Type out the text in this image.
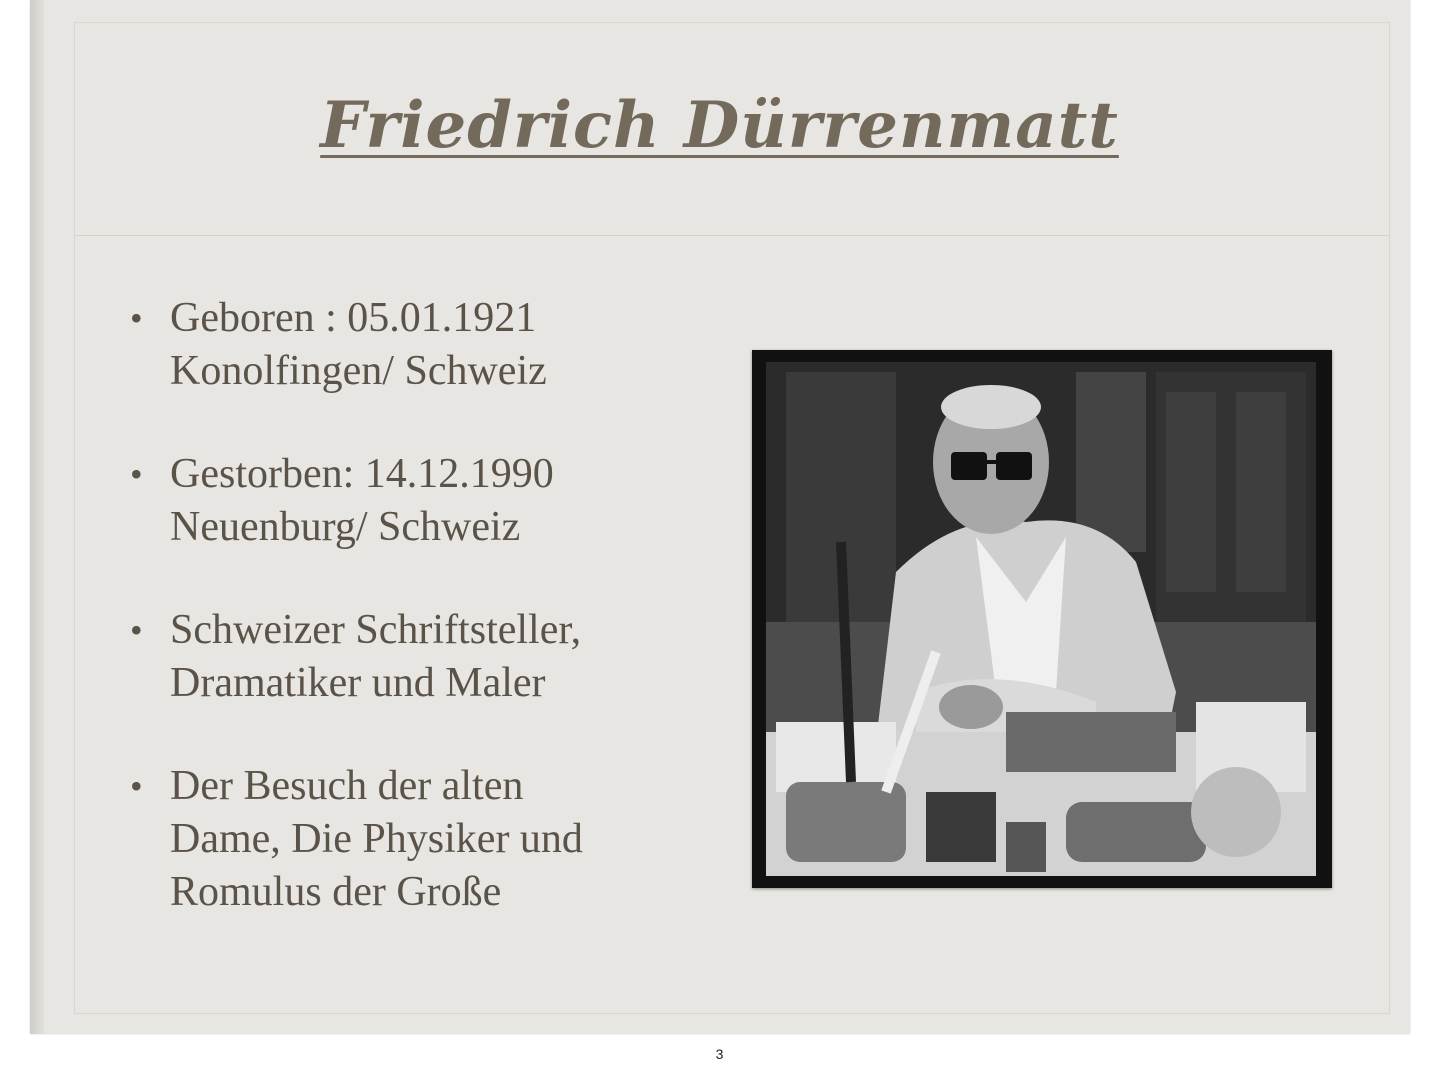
Friedrich Dürrenmatt
• Geboren : 05.01.1921
Konolfingen/ Schweiz
• Gestorben: 14.12.1990
Neuenburg/ Schweiz
• Schweizer Schriftsteller,
Dramatiker und Maler
• Der Besuch der alten
Dame, Die Physiker und
Romulus der Große
3
